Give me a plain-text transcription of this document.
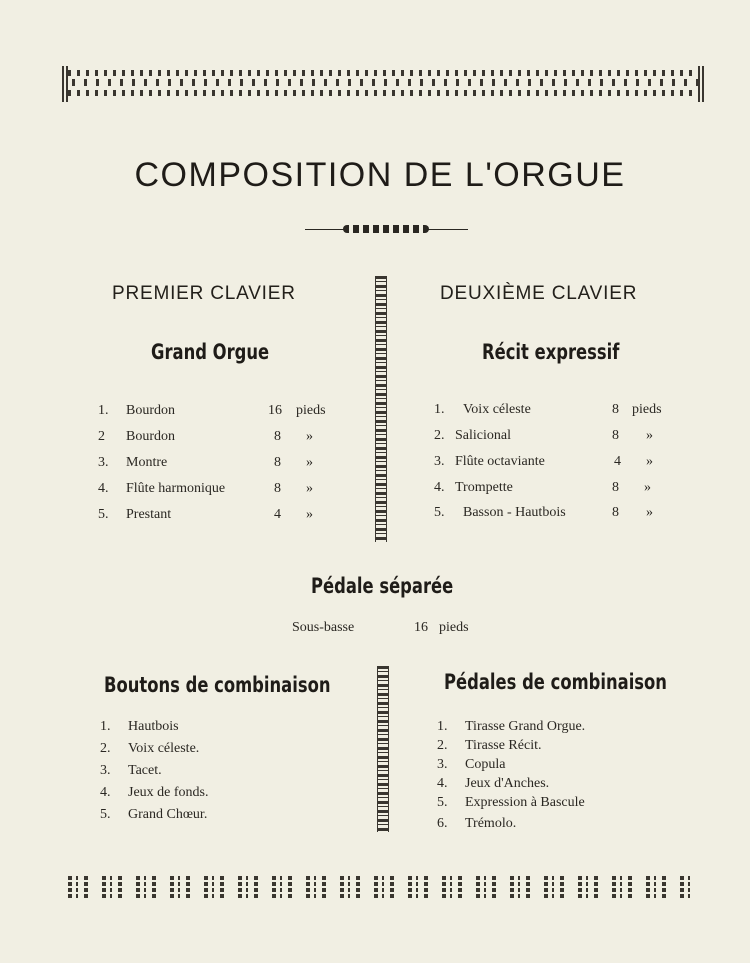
COMPOSITION DE L'ORGUE
PREMIER CLAVIER
Grand Orgue
1. Bourdon	16 pieds
2 Bourdon	8 »
3. Montre	8 »
4. Flûte harmonique	8 »
5. Prestant	4 »
DEUXIÈME CLAVIER
Récit expressif
1. Voix céleste	8 pieds
2. Salicional	8 »
3. Flûte octaviante	4 »
4. Trompette	8 »
5. Basson - Hautbois	8 »
Pédale séparée
Sous-basse	16 pieds
Boutons de combinaison
1. Hautbois
2. Voix céleste.
3. Tacet.
4. Jeux de fonds.
5. Grand Chœur.
Pédales de combinaison
1. Tirasse Grand Orgue.
2. Tirasse Récit.
3. Copula
4. Jeux d'Anches.
5. Expression à Bascule
6. Trémolo.
